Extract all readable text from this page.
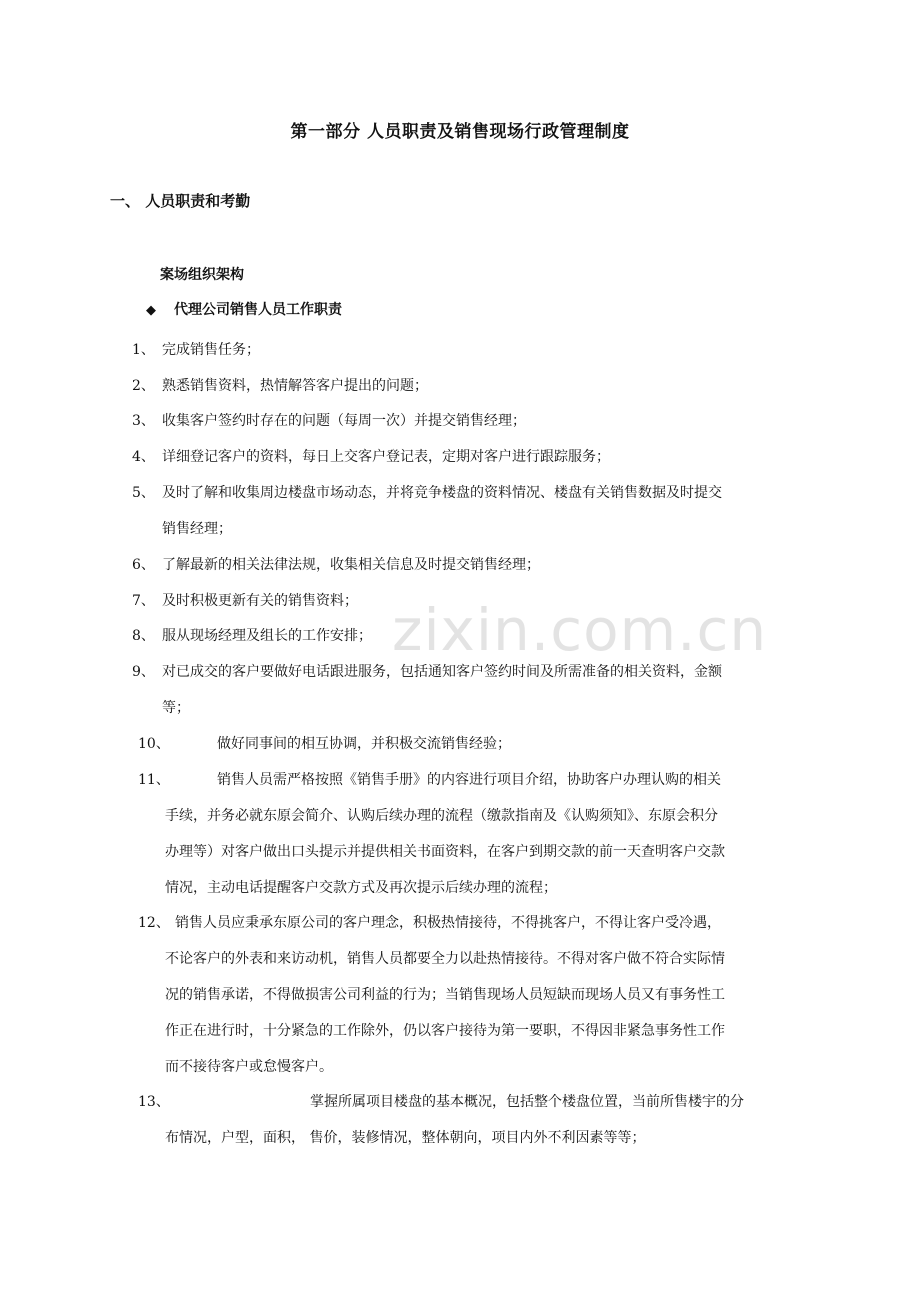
第一部分 人员职责及销售现场行政管理制度
一、 人员职责和考勤
案场组织架构
◆ 代理公司销售人员工作职责
1、 完成销售任务；
2、 熟悉销售资料，热情解答客户提出的问题；
3、 收集客户签约时存在的问题（每周一次）并提交销售经理；
4、 详细登记客户的资料，每日上交客户登记表，定期对客户进行跟踪服务；
5、 及时了解和收集周边楼盘市场动态，并将竞争楼盘的资料情况、楼盘有关销售数据及时提交
销售经理；
6、 了解最新的相关法律法规，收集相关信息及时提交销售经理；
7、 及时积极更新有关的销售资料；
8、 服从现场经理及组长的工作安排；
9、 对已成交的客户要做好电话跟进服务，包括通知客户签约时间及所需准备的相关资料，金额
等；
10、	做好同事间的相互协调，并积极交流销售经验；
11、	销售人员需严格按照《销售手册》的内容进行项目介绍，协助客户办理认购的相关
手续，并务必就东原会简介、认购后续办理的流程（缴款指南及《认购须知》、东原会积分
办理等）对客户做出口头提示并提供相关书面资料，在客户到期交款的前一天查明客户交款
情况，主动电话提醒客户交款方式及再次提示后续办理的流程；
12、 销售人员应秉承东原公司的客户理念，积极热情接待，不得挑客户，不得让客户受冷遇，
不论客户的外表和来访动机，销售人员都要全力以赴热情接待。不得对客户做不符合实际情
况的销售承诺，不得做损害公司利益的行为；当销售现场人员短缺而现场人员又有事务性工
作正在进行时，十分紧急的工作除外，仍以客户接待为第一要职，不得因非紧急事务性工作
而不接待客户或怠慢客户。
13、	掌握所属项目楼盘的基本概况，包括整个楼盘位置，当前所售楼宇的分
布情况，户型，面积， 售价，装修情况，整体朝向，项目内外不利因素等等；
zixin.com.cn
